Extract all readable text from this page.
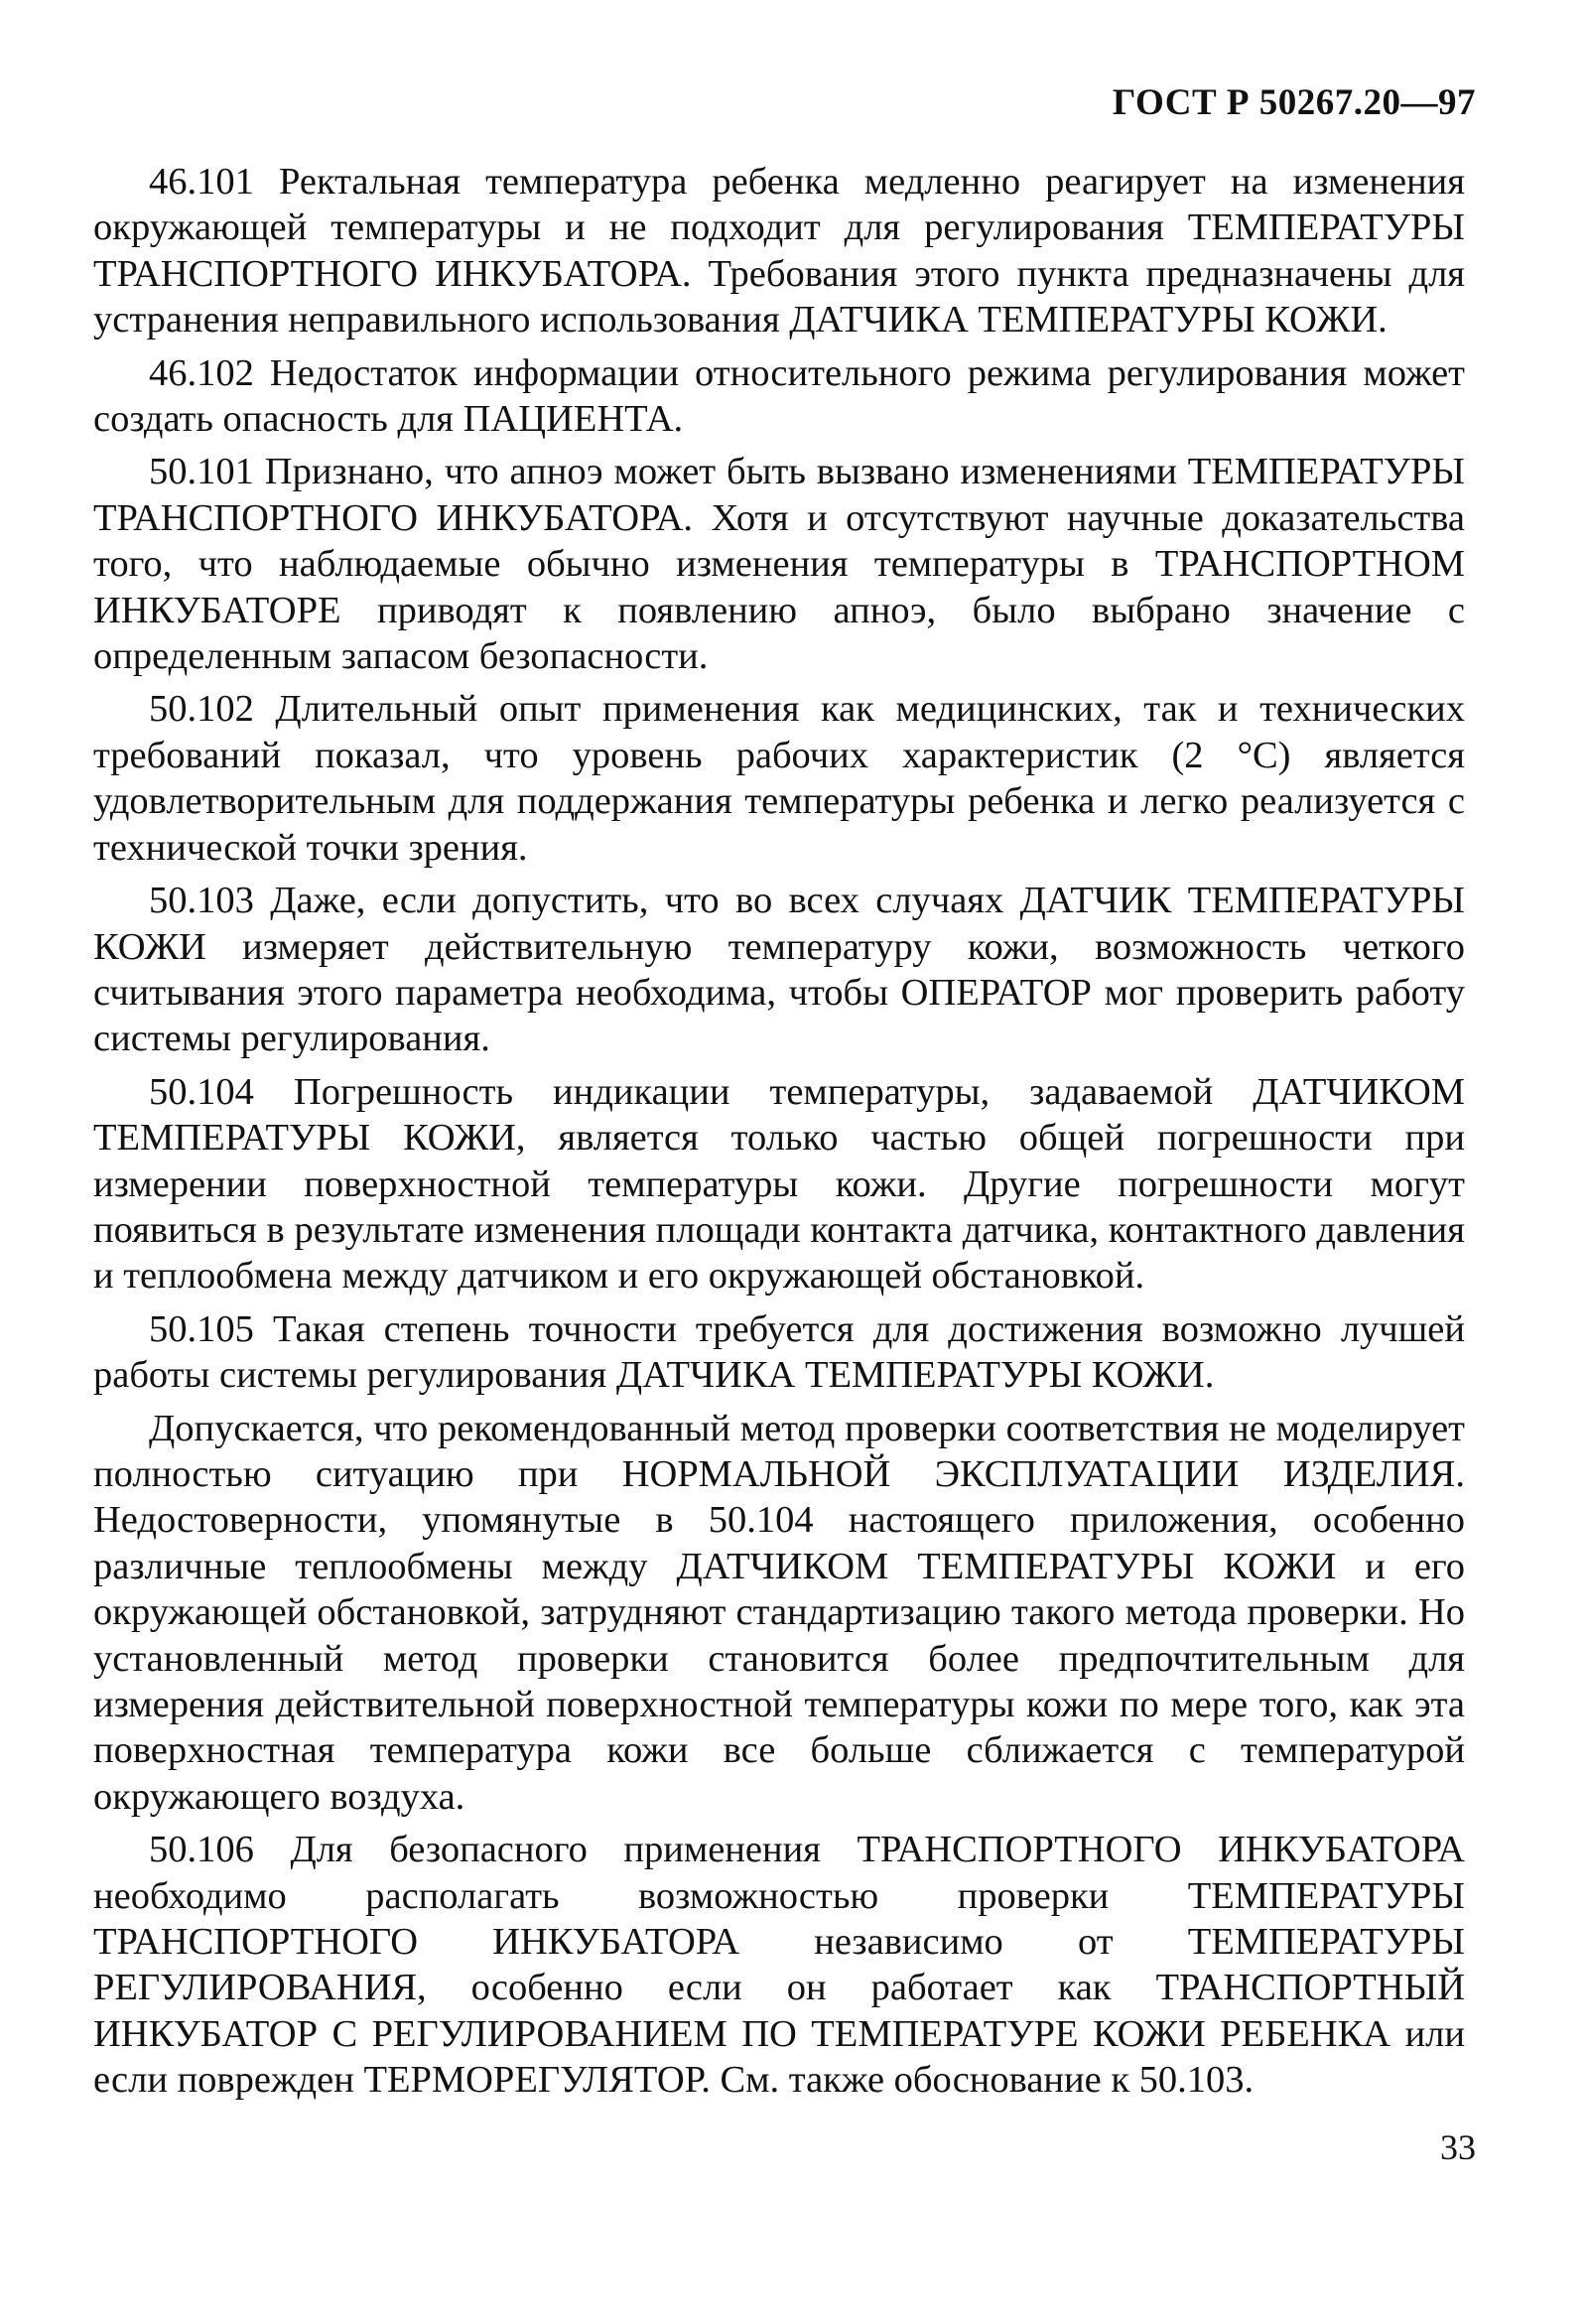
ГОСТ Р 50267.20—97

46.101 Ректальная температура ребенка медленно реагирует на изменения окружающей температуры и не подходит для регулирования ТЕМПЕРАТУРЫ ТРАНСПОРТНОГО ИНКУБАТОРА. Требования этого пункта предназначены для устранения неправильного использования ДАТЧИКА ТЕМПЕРАТУРЫ КОЖИ.

46.102 Недостаток информации относительного режима регулирования может создать опасность для ПАЦИЕНТА.

50.101 Признано, что апноэ может быть вызвано изменениями ТЕМПЕРАТУРЫ ТРАНСПОРТНОГО ИНКУБАТОРА. Хотя и отсутствуют научные доказательства того, что наблюдаемые обычно изменения температуры в ТРАНСПОРТНОМ ИНКУБАТОРЕ приводят к появлению апноэ, было выбрано значение с определенным запасом безопасности.

50.102 Длительный опыт применения как медицинских, так и технических требований показал, что уровень рабочих характеристик (2 °С) является удовлетворительным для поддержания температуры ребенка и легко реализуется с технической точки зрения.

50.103 Даже, если допустить, что во всех случаях ДАТЧИК ТЕМПЕРАТУРЫ КОЖИ измеряет действительную температуру кожи, возможность четкого считывания этого параметра необходима, чтобы ОПЕРАТОР мог проверить работу системы регулирования.

50.104 Погрешность индикации температуры, задаваемой ДАТЧИКОМ ТЕМПЕРАТУРЫ КОЖИ, является только частью общей погрешности при измерении поверхностной температуры кожи. Другие погрешности могут появиться в результате изменения площади контакта датчика, контактного давления и теплообмена между датчиком и его окружающей обстановкой.

50.105 Такая степень точности требуется для достижения возможно лучшей работы системы регулирования ДАТЧИКА ТЕМПЕРАТУРЫ КОЖИ.

Допускается, что рекомендованный метод проверки соответствия не моделирует полностью ситуацию при НОРМАЛЬНОЙ ЭКСПЛУАТАЦИИ ИЗДЕЛИЯ. Недостоверности, упомянутые в 50.104 настоящего приложения, особенно различные теплообмены между ДАТЧИКОМ ТЕМПЕРАТУРЫ КОЖИ и его окружающей обстановкой, затрудняют стандартизацию такого метода проверки. Но установленный метод проверки становится более предпочтительным для измерения действительной поверхностной температуры кожи по мере того, как эта поверхностная температура кожи все больше сближается с температурой окружающего воздуха.

50.106 Для безопасного применения ТРАНСПОРТНОГО ИНКУБАТОРА необходимо располагать возможностью проверки ТЕМПЕРАТУРЫ ТРАНСПОРТНОГО ИНКУБАТОРА независимо от ТЕМПЕРАТУРЫ РЕГУЛИРОВАНИЯ, особенно если он работает как ТРАНСПОРТНЫЙ ИНКУБАТОР С РЕГУЛИРОВАНИЕМ ПО ТЕМПЕРАТУРЕ КОЖИ РЕБЕНКА или если поврежден ТЕРМОРЕГУЛЯТОР. См. также обоснование к 50.103.

33
